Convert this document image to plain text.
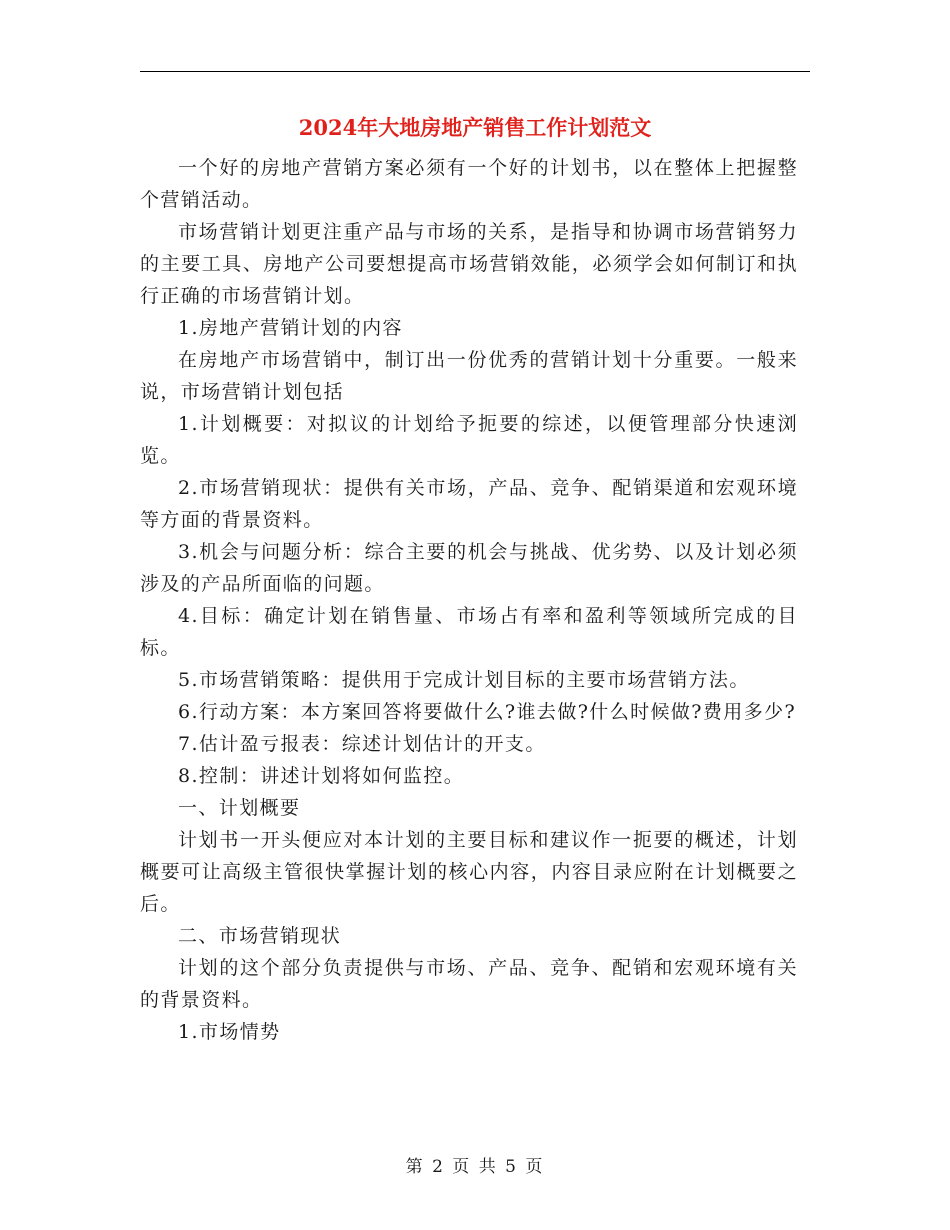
2024年大地房地产销售工作计划范文

一个好的房地产营销方案必须有一个好的计划书，以在整体上把握整个营销活动。

市场营销计划更注重产品与市场的关系，是指导和协调市场营销努力的主要工具、房地产公司要想提高市场营销效能，必须学会如何制订和执行正确的市场营销计划。

1.房地产营销计划的内容

在房地产市场营销中，制订出一份优秀的营销计划十分重要。一般来说，市场营销计划包括

1.计划概要：对拟议的计划给予扼要的综述，以便管理部分快速浏览。

2.市场营销现状：提供有关市场，产品、竞争、配销渠道和宏观环境等方面的背景资料。

3.机会与问题分析：综合主要的机会与挑战、优劣势、以及计划必须涉及的产品所面临的问题。

4.目标：确定计划在销售量、市场占有率和盈利等领域所完成的目标。

5.市场营销策略：提供用于完成计划目标的主要市场营销方法。

6.行动方案：本方案回答将要做什么?谁去做?什么时候做?费用多少?

7.估计盈亏报表：综述计划估计的开支。

8.控制：讲述计划将如何监控。

一、计划概要

计划书一开头便应对本计划的主要目标和建议作一扼要的概述，计划概要可让高级主管很快掌握计划的核心内容，内容目录应附在计划概要之后。

二、市场营销现状

计划的这个部分负责提供与市场、产品、竞争、配销和宏观环境有关的背景资料。

1.市场情势

第 2 页 共 5 页
